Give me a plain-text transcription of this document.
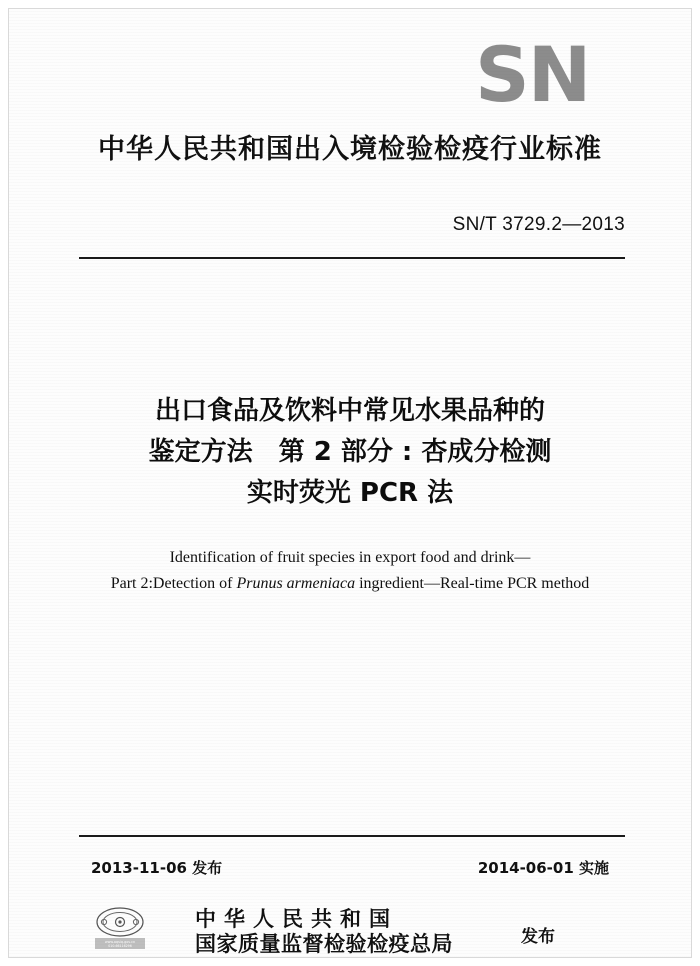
SN
中华人民共和国出入境检验检疫行业标准
SN/T 3729.2—2013
出口食品及饮料中常见水果品种的
鉴定方法　第 2 部分 : 杏成分检测
实时荧光 PCR 法
Identification of fruit species in export food and drink—
Part 2:Detection of Prunus armeniaca ingredient—Real-time PCR method
2013-11-06 发布	2014-06-01 实施
www.aqsiq.gov.cn
010-66116296
中华人民共和国
国家质量监督检验检疫总局	发布
